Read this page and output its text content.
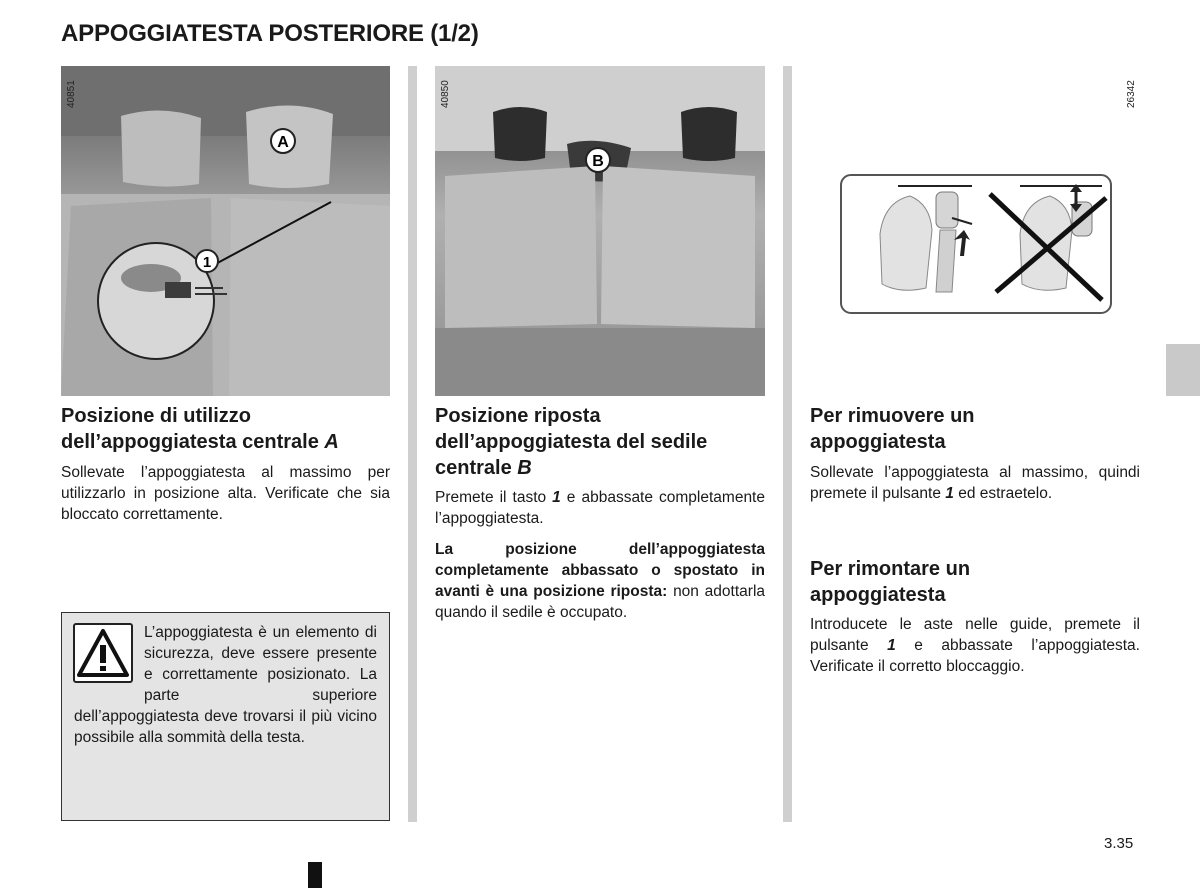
APPOGGIATESTA POSTERIORE (1/2)
A
1
40851
B
40850	26342
Posizione di utilizzo dell’appoggiatesta centrale A
Sollevate l’appoggiatesta al massimo per utilizzarlo in posizione alta. Verificate che sia bloccato correttamente.
L’appoggiatesta è un elemento di sicurezza, deve essere presente e correttamente posizionato. La parte superiore dell’appoggiatesta deve trovarsi il più vicino possibile alla sommità della testa.
Posizione riposta dell’appoggiatesta del sedile centrale B
Premete il tasto 1 e abbassate completamente l’appoggiatesta.
La posizione dell’appoggiatesta completamente abbassato o spostato in avanti è una posizione riposta: non adottarla quando il sedile è occupato.
Per rimuovere un appoggiatesta
Sollevate l’appoggiatesta al massimo, quindi premete il pulsante 1 ed estraetelo.
Per rimontare un appoggiatesta
Introducete le aste nelle guide, premete il pulsante 1 e abbassate l’appoggiatesta. Verificate il corretto bloccaggio.
3.35
